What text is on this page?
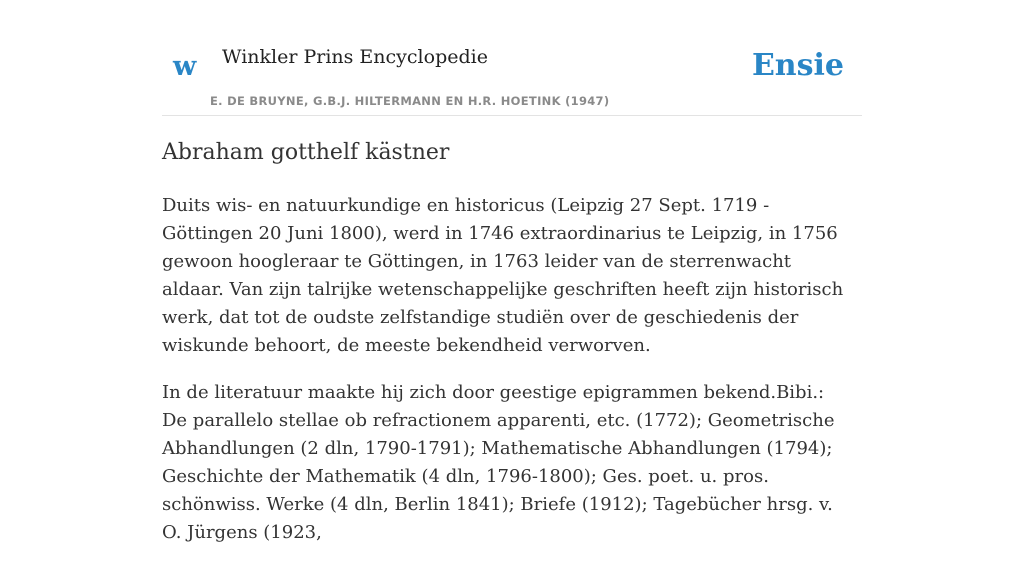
w Winkler Prins Encyclopedie
E. DE BRUYNE, G.B.J. HILTERMANN EN H.R. HOETINK (1947)
Ensie
Abraham gotthelf kästner

Duits wis- en natuurkundige en historicus (Leipzig 27 Sept. 1719 - Göttingen 20 Juni 1800), werd in 1746 extraordinarius te Leipzig, in 1756 gewoon hoogleraar te Göttingen, in 1763 leider van de sterrenwacht aldaar. Van zijn talrijke wetenschappelijke geschriften heeft zijn historisch werk, dat tot de oudste zelfstandige studiën over de geschiedenis der wiskunde behoort, de meeste bekendheid verworven.

In de literatuur maakte hij zich door geestige epigrammen bekend.Bibi.: De parallelo stellae ob refractionem apparenti, etc. (1772); Geometrische Abhandlungen (2 dln, 1790-1791); Mathematische Abhandlungen (1794); Geschichte der Mathematik (4 dln, 1796-1800); Ges. poet. u. pros. schönwiss. Werke (4 dln, Berlin 1841); Briefe (1912); Tagebücher hrsg. v. O. Jürgens (1923,
